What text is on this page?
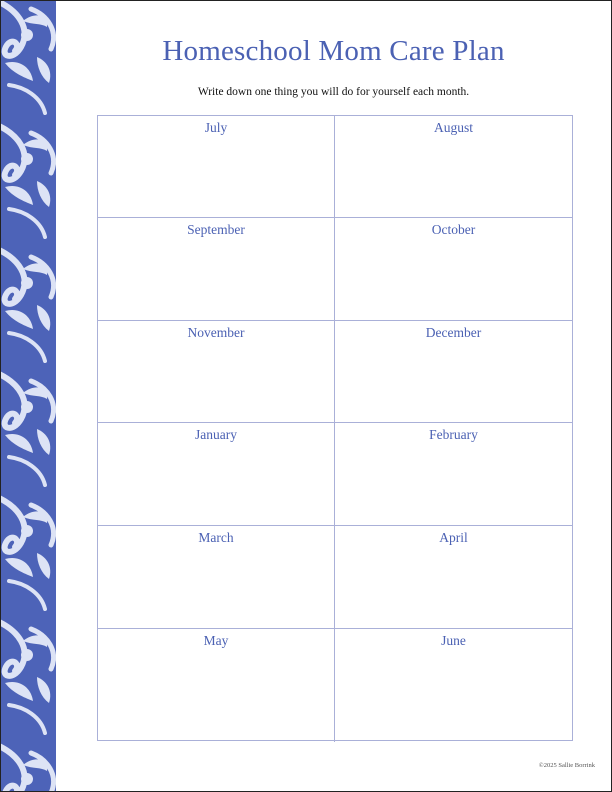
Homeschool Mom Care Plan
Write down one thing you will do for yourself each month.
July	August
September	October
November	December
January	February
March	April
May	June
©2025 Sallie Borrink
